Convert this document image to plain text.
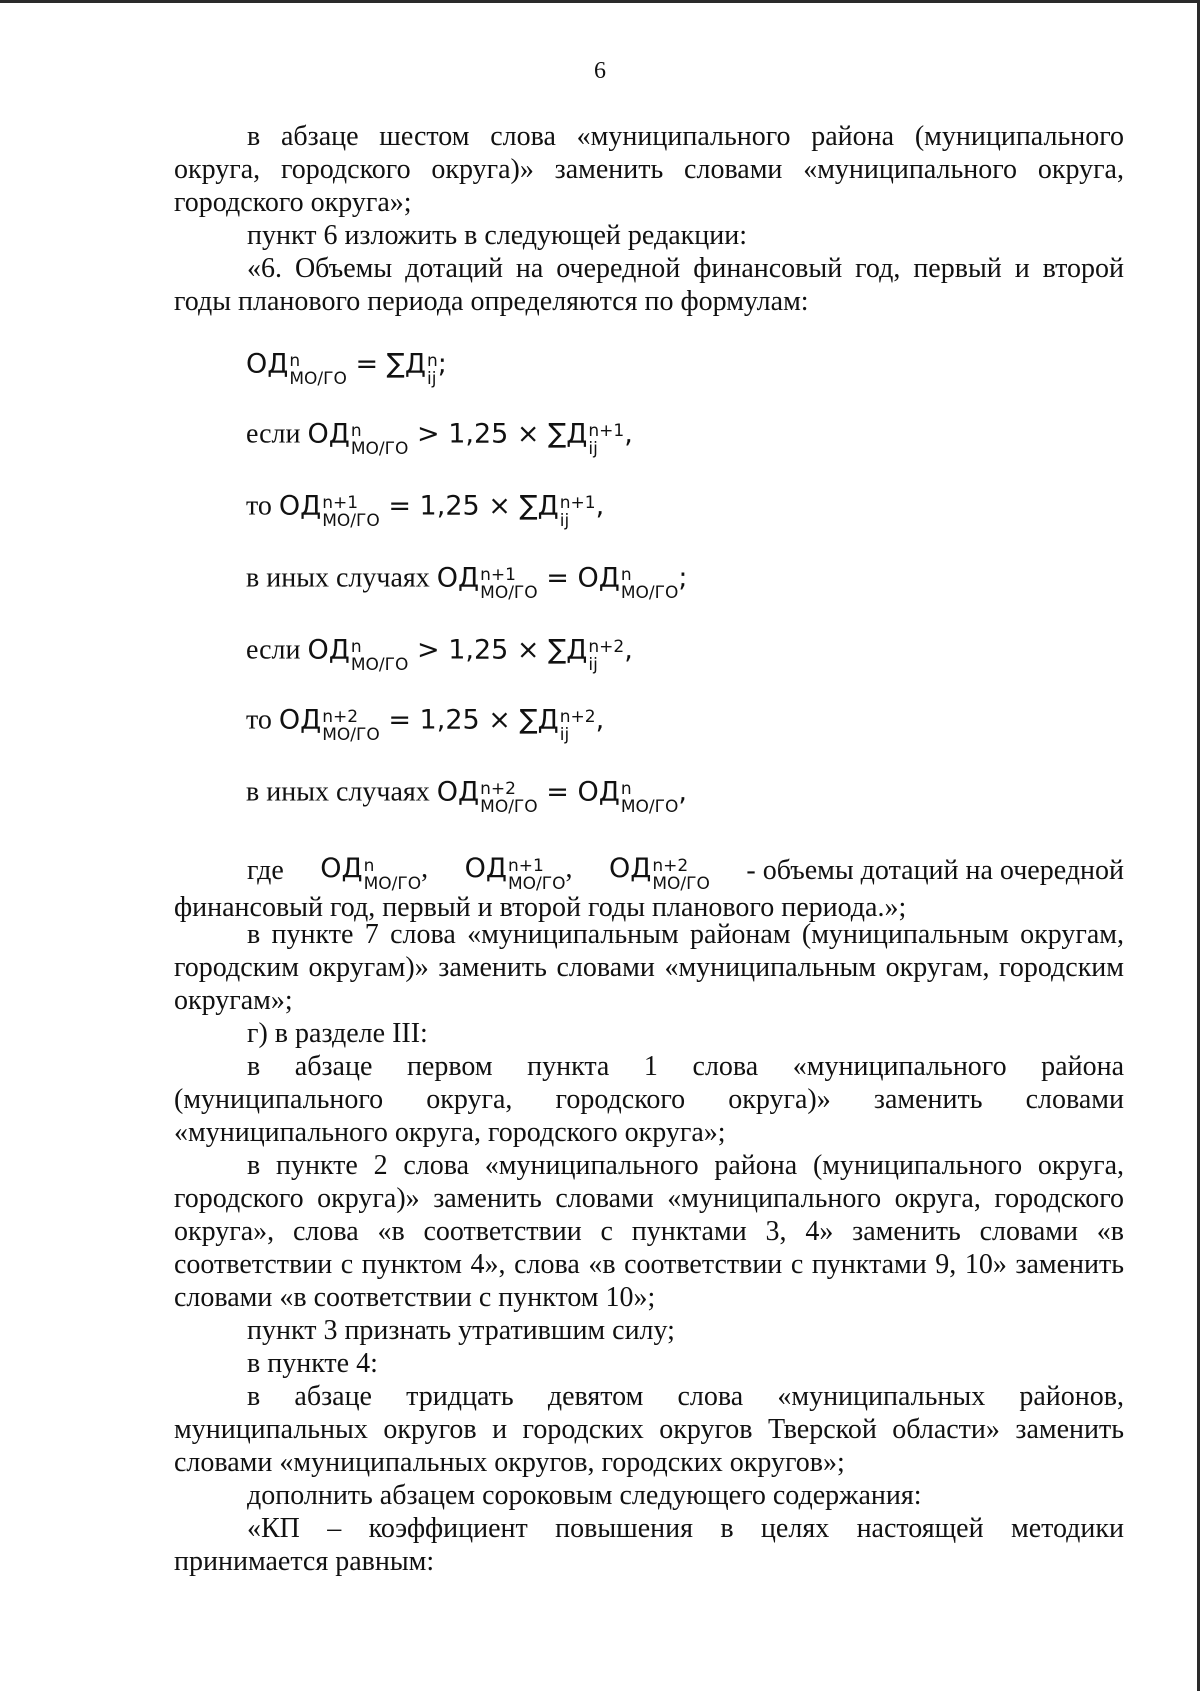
6

в абзаце шестом слова «муниципального района (муниципального округа, городского округа)» заменить словами «муниципального округа, городского округа»;

пункт 6 изложить в следующей редакции:

«6. Объемы дотаций на очередной финансовый год, первый и второй годы планового периода определяются по формулам:

ОД n
МО/ГО = ∑Д n
ij ;
если ОД n
МО/ГО > 1,25 × ∑Д n+1
ij ,
то ОД n+1
МО/ГО = 1,25 × ∑Д n+1
ij ,
в иных случаях ОД n+1
МО/ГО = ОД n
МО/ГО ;
если ОД n
МО/ГО > 1,25 × ∑Д n+2
ij ,
то ОД n+2
МО/ГО = 1,25 × ∑Д n+2
ij ,
в иных случаях ОД n+2
МО/ГО = ОД n
МО/ГО ,
где ОД n
МО/ГО , ОД n+1
МО/ГО , ОД n+2
МО/ГО - объемы дотаций на очередной

финансовый год, первый и второй годы планового периода.»;

в пункте 7 слова «муниципальным районам (муниципальным округам, городским округам)» заменить словами «муниципальным округам, городским округам»;

г) в разделе III:

в абзаце первом пункта 1 слова «муниципального района (муниципального округа, городского округа)» заменить словами «муниципального округа, городского округа»;

в пункте 2 слова «муниципального района (муниципального округа, городского округа)» заменить словами «муниципального округа, городского округа», слова «в соответствии с пунктами 3, 4» заменить словами «в соответствии с пунктом 4», слова «в соответствии с пунктами 9, 10» заменить словами «в соответствии с пунктом 10»;

пункт 3 признать утратившим силу;

в пункте 4:

в абзаце тридцать девятом слова «муниципальных районов, муниципальных округов и городских округов Тверской области» заменить словами «муниципальных округов, городских округов»;

дополнить абзацем сороковым следующего содержания:

«КП – коэффициент повышения в целях настоящей методики принимается равным:
